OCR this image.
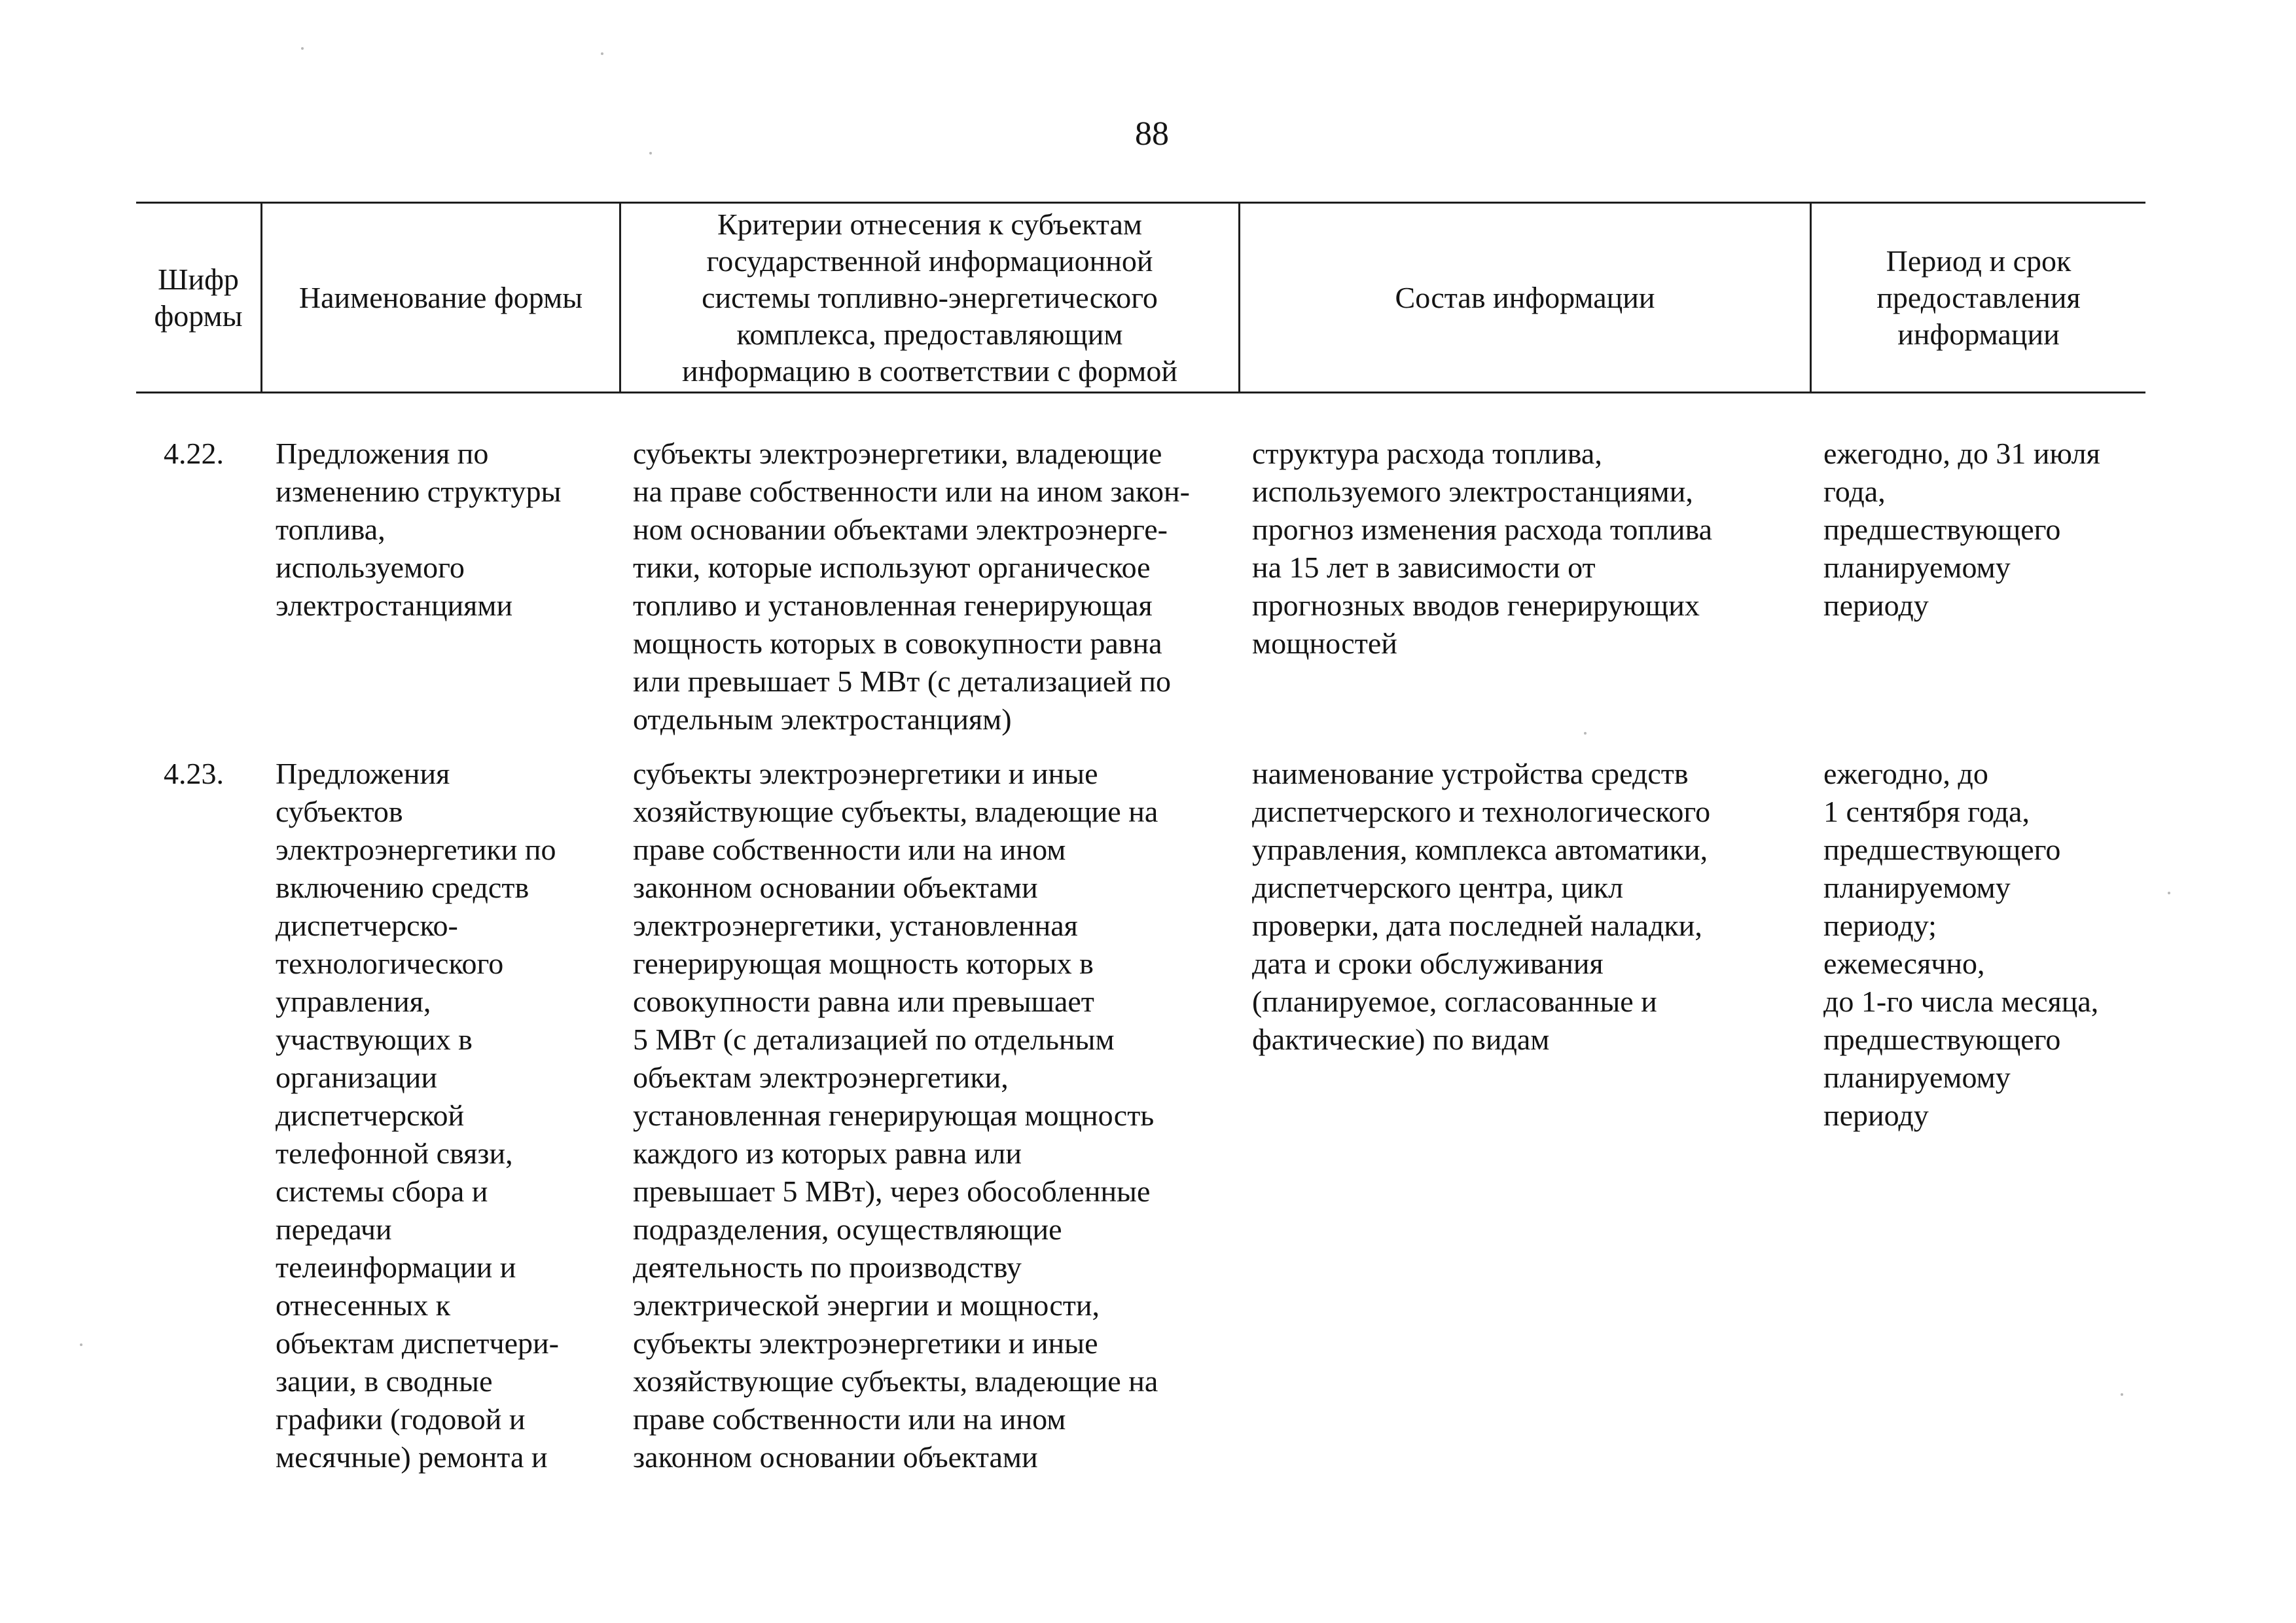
88
Шифр
формы
Наименование формы
Критерии отнесения к субъектам
государственной информационной
системы топливно-энергетического
комплекса, предоставляющим
информацию в соответствии с формой
Состав информации
Период и срок
предоставления
информации
4.22.	Предложения по
изменению структуры
топлива,
используемого
электростанциями
субъекты электроэнергетики, владеющие
на праве собственности или на ином закон-
ном основании объектами электроэнерге-
тики, которые используют органическое
топливо и установленная генерирующая
мощность которых в совокупности равна
или превышает 5 МВт (с детализацией по
отдельным электростанциям)
структура расхода топлива,
используемого электростанциями,
прогноз изменения расхода топлива
на 15 лет в зависимости от
прогнозных вводов генерирующих
мощностей
ежегодно, до 31 июля
года,
предшествующего
планируемому
периоду
4.23.	Предложения
субъектов
электроэнергетики по
включению средств
диспетчерско-
технологического
управления,
участвующих в
организации
диспетчерской
телефонной связи,
системы сбора и
передачи
телеинформации и
отнесенных к
объектам диспетчери-
зации, в сводные
графики (годовой и
месячные) ремонта и
субъекты электроэнергетики и иные
хозяйствующие субъекты, владеющие на
праве собственности или на ином
законном основании объектами
электроэнергетики, установленная
генерирующая мощность которых в
совокупности равна или превышает
5 МВт (с детализацией по отдельным
объектам электроэнергетики,
установленная генерирующая мощность
каждого из которых равна или
превышает 5 МВт), через обособленные
подразделения, осуществляющие
деятельность по производству
электрической энергии и мощности,
субъекты электроэнергетики и иные
хозяйствующие субъекты, владеющие на
праве собственности или на ином
законном основании объектами
наименование устройства средств
диспетчерского и технологического
управления, комплекса автоматики,
диспетчерского центра, цикл
проверки, дата последней наладки,
дата и сроки обслуживания
(планируемое, согласованные и
фактические) по видам
ежегодно, до
1 сентября года,
предшествующего
планируемому
периоду;
ежемесячно,
до 1-го числа месяца,
предшествующего
планируемому
периоду
